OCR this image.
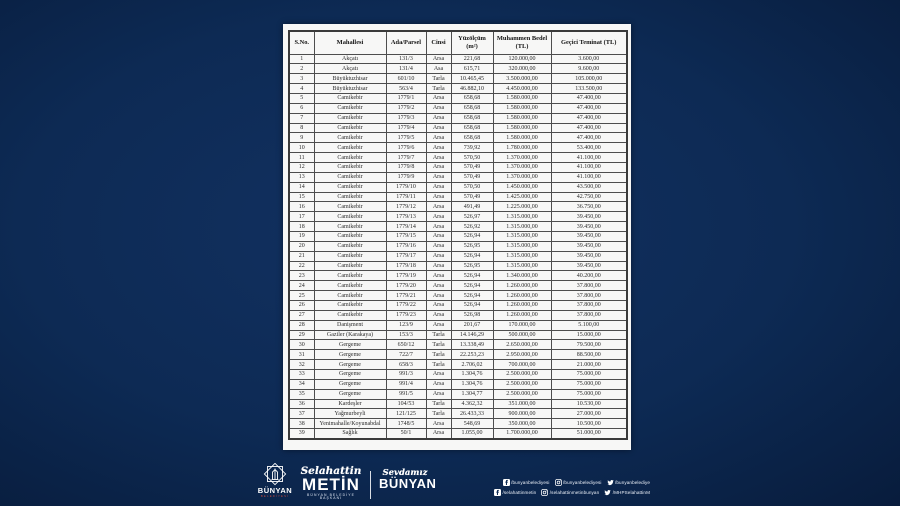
S.No.	Mahallesi	Ada/Parsel	Cinsi	Yüzölçüm (m²)	Muhammen Bedel (TL)	Geçici Teminat (TL)
1	Akçatı	131/3	Arsa	221,68	120.000,00	3.600,00
2	Akçatı	131/4	Asa	615,71	320.000,00	9.600,00
3	Büyüktuzhisar	601/10	Tarla	10.465,45	3.500.000,00	105.000,00
4	Büyüktuzhisar	563/4	Tarla	46.882,10	4.450.000,00	133.500,00
5	Camikebir	1779/1	Arsa	658,68	1.580.000,00	47.400,00
6	Camikebir	1779/2	Arsa	658,68	1.580.000,00	47.400,00
7	Camikebir	1779/3	Arsa	658,68	1.580.000,00	47.400,00
8	Camikebir	1779/4	Arsa	658,68	1.580.000,00	47.400,00
9	Camikebir	1779/5	Arsa	658,68	1.580.000,00	47.400,00
10	Camikebir	1779/6	Arsa	739,92	1.780.000,00	53.400,00
11	Camikebir	1779/7	Arsa	570,50	1.370.000,00	41.100,00
12	Camikebir	1779/8	Arsa	570,49	1.370.000,00	41.100,00
13	Camikebir	1779/9	Arsa	570,49	1.370.000,00	41.100,00
14	Camikebir	1779/10	Arsa	570,50	1.450.000,00	43.500,00
15	Camikebir	1779/11	Arsa	570,49	1.425.000,00	42.750,00
16	Camikebir	1779/12	Arsa	491,49	1.225.000,00	36.750,00
17	Camikebir	1779/13	Arsa	526,97	1.315.000,00	39.450,00
18	Camikebir	1779/14	Arsa	526,92	1.315.000,00	39.450,00
19	Camikebir	1779/15	Arsa	526,94	1.315.000,00	39.450,00
20	Camikebir	1779/16	Arsa	526,95	1.315.000,00	39.450,00
21	Camikebir	1779/17	Arsa	526,94	1.315.000,00	39.450,00
22	Camikebir	1779/18	Arsa	526,95	1.315.000,00	39.450,00
23	Camikebir	1779/19	Arsa	526,94	1.340.000,00	40.200,00
24	Camikebir	1779/20	Arsa	526,94	1.260.000,00	37.800,00
25	Camikebir	1779/21	Arsa	526,94	1.260.000,00	37.800,00
26	Camikebir	1779/22	Arsa	526,94	1.260.000,00	37.800,00
27	Camikebir	1779/23	Arsa	526,98	1.260.000,00	37.800,00
28	Danişment	123/9	Arsa	201,67	170.000,00	5.100,00
29	Gaziler (Karakaya)	153/3	Tarla	14.146,29	500.000,00	15.000,00
30	Gergeme	650/12	Tarla	13.338,49	2.650.000,00	79.500,00
31	Gergeme	722/7	Tarla	22.253,23	2.950.000,00	88.500,00
32	Gergeme	658/3	Tarla	2.706,02	700.000,00	21.000,00
33	Gergeme	991/3	Arsa	1.304,76	2.500.000,00	75.000,00
34	Gergeme	991/4	Arsa	1.304,76	2.500.000,00	75.000,00
35	Gergeme	991/5	Arsa	1.304,77	2.500.000,00	75.000,00
36	Kardeşler	104/53	Tarla	4.362,32	351.000,00	10.530,00
37	Yağmurbeyli	121/125	Tarla	26.433,33	900.000,00	27.000,00
38	Yenimahalle/Koyunabdal	1748/5	Arsa	548,69	350.000,00	10.500,00
39	Sağlık	50/1	Arsa	1.055,00	1.700.000,00	51.000,00
BÜNYAN
BELEDİYESİ
Selahattin
METİN
BÜNYAN BELEDİYE BAŞKANI
Sevdamız
BÜNYAN	/bunyanbelediyesi	/bunyanbelediyesi	/bunyanbelediye
/selahattinmetin	/selahattinmetinbunyan	/MHPSelahattinM
